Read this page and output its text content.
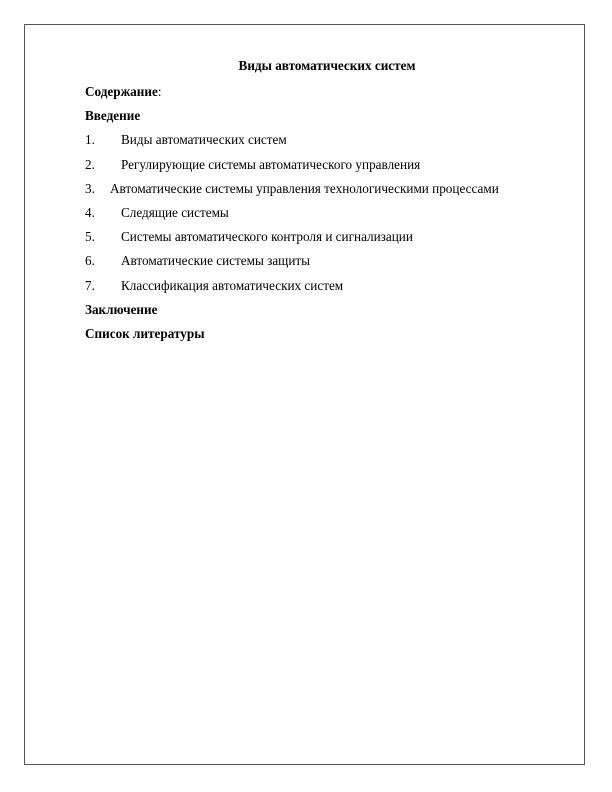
Виды автоматических систем
Содержание:
Введение
1. Виды автоматических систем
2. Регулирующие системы автоматического управления
3. Автоматические системы управления технологическими процессами
4. Следящие системы
5. Системы автоматического контроля и сигнализации
6. Автоматические системы защиты
7. Классификация автоматических систем
Заключение
Список литературы
